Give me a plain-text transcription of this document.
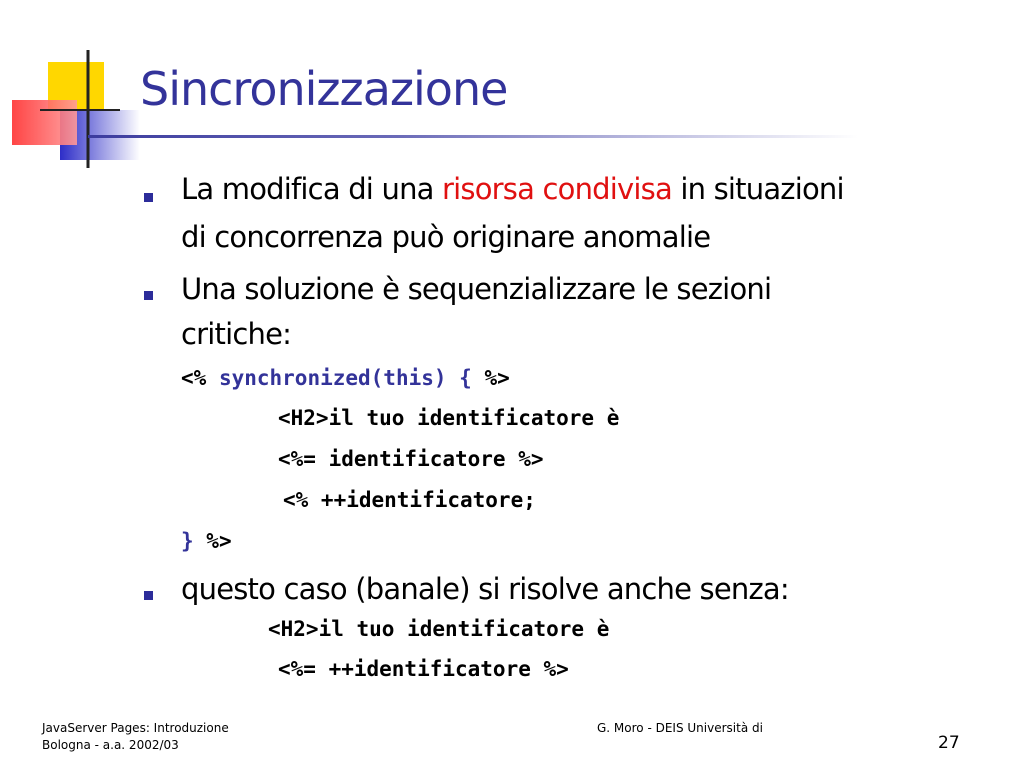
Sincronizzazione
La modifica di una risorsa condivisa in situazioni
di concorrenza può originare anomalie
Una soluzione è sequenzializzare le sezioni
critiche:
<% synchronized(this) { %>
<H2>il tuo identificatore è
<%= identificatore %>
<% ++identificatore;
} %>
questo caso (banale) si risolve anche senza:
<H2>il tuo identificatore è
<%= ++identificatore %>
JavaServer Pages: Introduzione
Bologna - a.a. 2002/03
G. Moro - DEIS Università di
27
